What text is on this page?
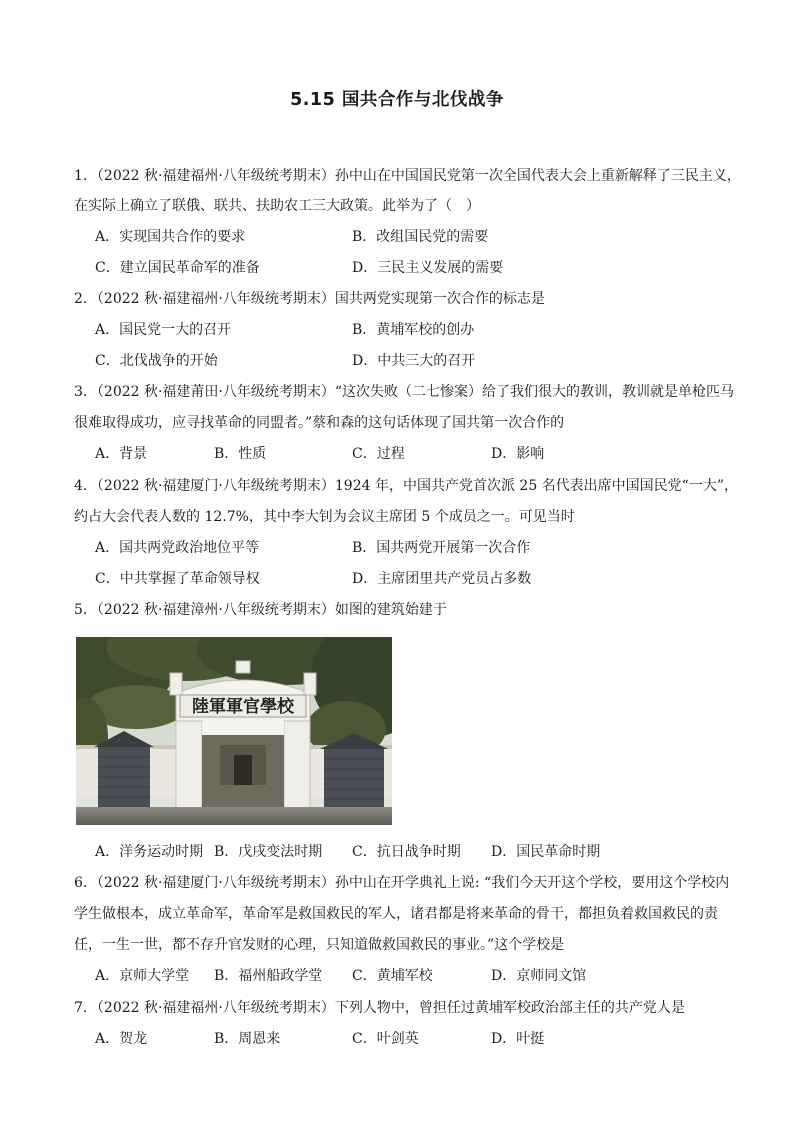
5.15 国共合作与北伐战争
1．（2022 秋·福建福州·八年级统考期末）孙中山在中国国民党第一次全国代表大会上重新解释了三民主义，
在实际上确立了联俄、联共、扶助农工三大政策。此举为了（　）
A．实现国共合作的要求	B．改组国民党的需要
C．建立国民革命军的准备	D．三民主义发展的需要
2．（2022 秋·福建福州·八年级统考期末）国共两党实现第一次合作的标志是
A．国民党一大的召开	B．黄埔军校的创办
C．北伐战争的开始	D．中共三大的召开
3．（2022 秋·福建莆田·八年级统考期末）“这次失败（二七惨案）给了我们很大的教训，教训就是单枪匹马
很难取得成功，应寻找革命的同盟者。”蔡和森的这句话体现了国共第一次合作的
A．背景	B．性质	C．过程	D．影响
4．（2022 秋·福建厦门·八年级统考期末）1924 年，中国共产党首次派 25 名代表出席中国国民党“一大”，
约占大会代表人数的 12.7%，其中李大钊为会议主席团 5 个成员之一。可见当时
A．国共两党政治地位平等	B．国共两党开展第一次合作
C．中共掌握了革命领导权	D．主席团里共产党员占多数
5．（2022 秋·福建漳州·八年级统考期末）如图的建筑始建于
陸軍軍官學校
A．洋务运动时期 B．戊戌变法时期 C．抗日战争时期 D．国民革命时期
6．（2022 秋·福建厦门·八年级统考期末）孙中山在开学典礼上说: “我们今天开这个学校，要用这个学校内
学生做根本，成立革命军，革命军是救国救民的军人，诸君都是将来革命的骨干，都担负着救国救民的责
任，一生一世，都不存升官发财的心理，只知道做救国救民的事业。”这个学校是
A．京师大学堂 B．福州船政学堂 C．黄埔军校	D．京师同文馆
7．（2022 秋·福建福州·八年级统考期末）下列人物中，曾担任过黄埔军校政治部主任的共产党人是
A．贺龙	B．周恩来	C．叶剑英	D．叶挺
